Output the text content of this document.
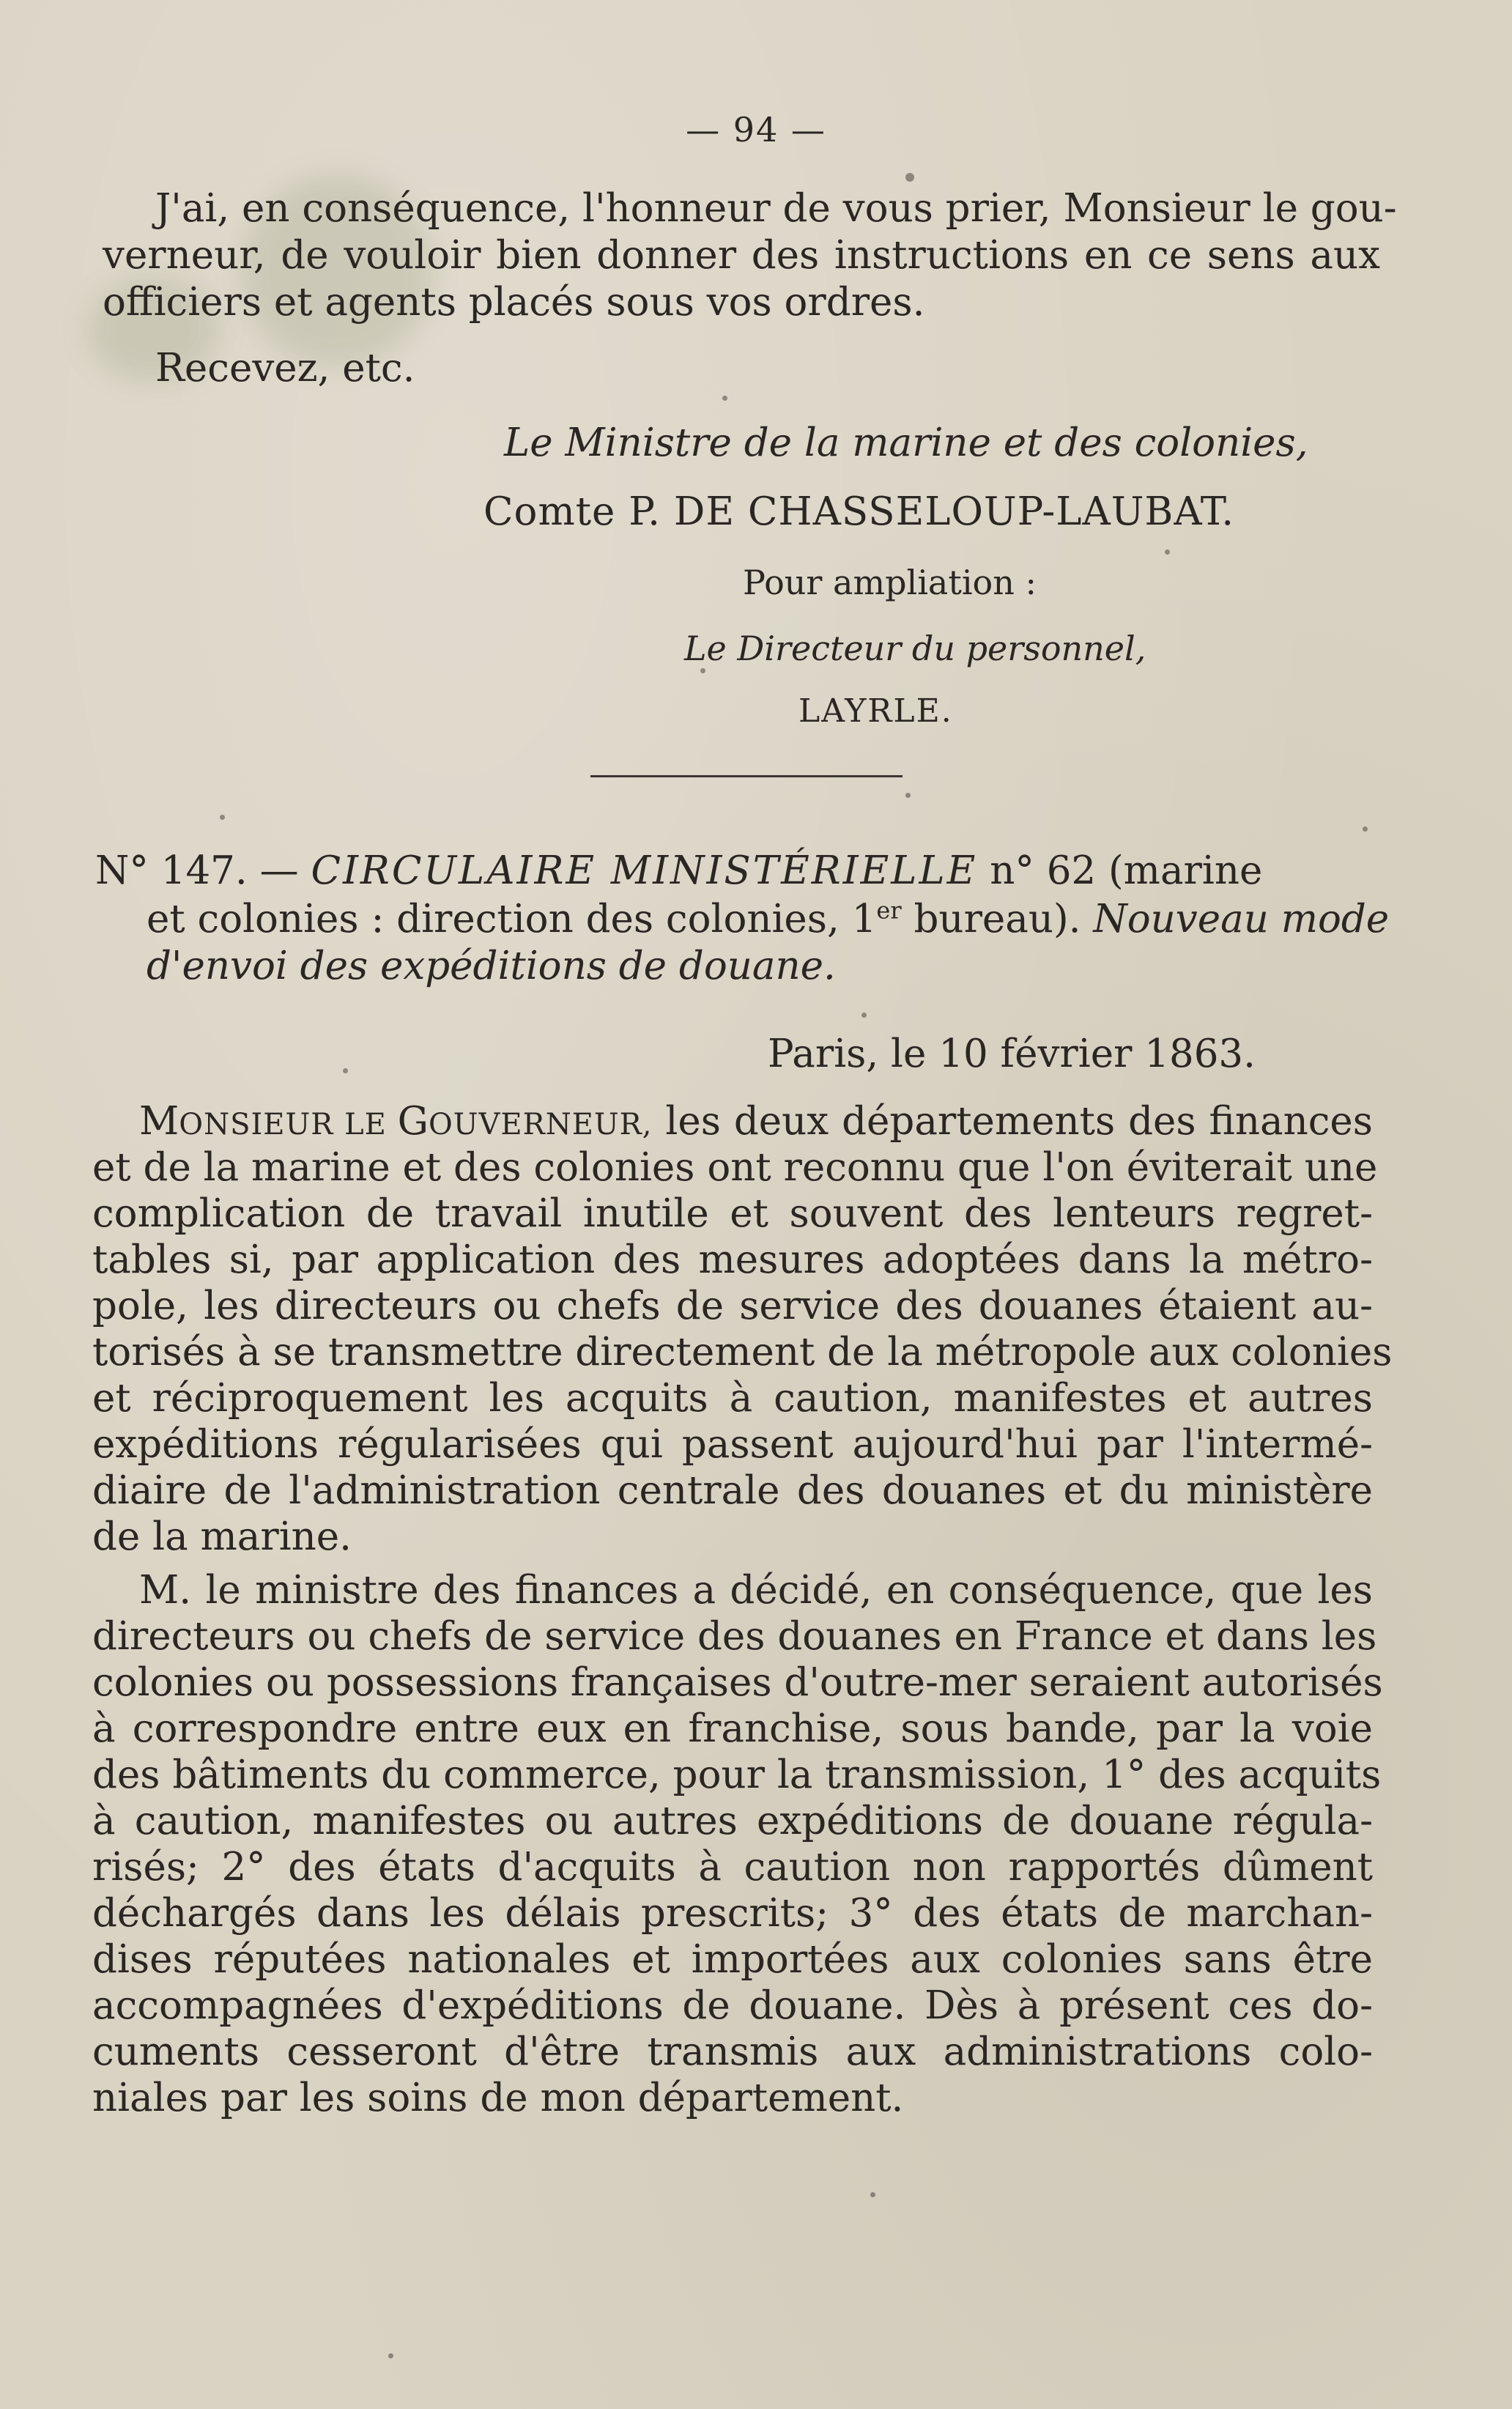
— 94 —
J'ai, en conséquence, l'honneur de vous prier, Monsieur le gou-
verneur, de vouloir bien donner des instructions en ce sens aux
officiers et agents placés sous vos ordres.
Recevez, etc.
Le Ministre de la marine et des colonies,
Comte P. DE CHASSELOUP-LAUBAT.
Pour ampliation :
Le Directeur du personnel,
LAYRLE.
N° 147. — CIRCULAIRE MINISTÉRIELLE n° 62 (marine
et colonies : direction des colonies, 1er bureau). Nouveau mode
d'envoi des expéditions de douane.
Paris, le 10 février 1863.
MONSIEUR LE GOUVERNEUR, les deux départements des finances
et de la marine et des colonies ont reconnu que l'on éviterait une
complication de travail inutile et souvent des lenteurs regret-
tables si, par application des mesures adoptées dans la métro-
pole, les directeurs ou chefs de service des douanes étaient au-
torisés à se transmettre directement de la métropole aux colonies
et réciproquement les acquits à caution, manifestes et autres
expéditions régularisées qui passent aujourd'hui par l'intermé-
diaire de l'administration centrale des douanes et du ministère
de la marine.
M. le ministre des finances a décidé, en conséquence, que les
directeurs ou chefs de service des douanes en France et dans les
colonies ou possessions françaises d'outre-mer seraient autorisés
à correspondre entre eux en franchise, sous bande, par la voie
des bâtiments du commerce, pour la transmission, 1° des acquits
à caution, manifestes ou autres expéditions de douane régula-
risés; 2° des états d'acquits à caution non rapportés dûment
déchargés dans les délais prescrits; 3° des états de marchan-
dises réputées nationales et importées aux colonies sans être
accompagnées d'expéditions de douane. Dès à présent ces do-
cuments cesseront d'être transmis aux administrations colo-
niales par les soins de mon département.
